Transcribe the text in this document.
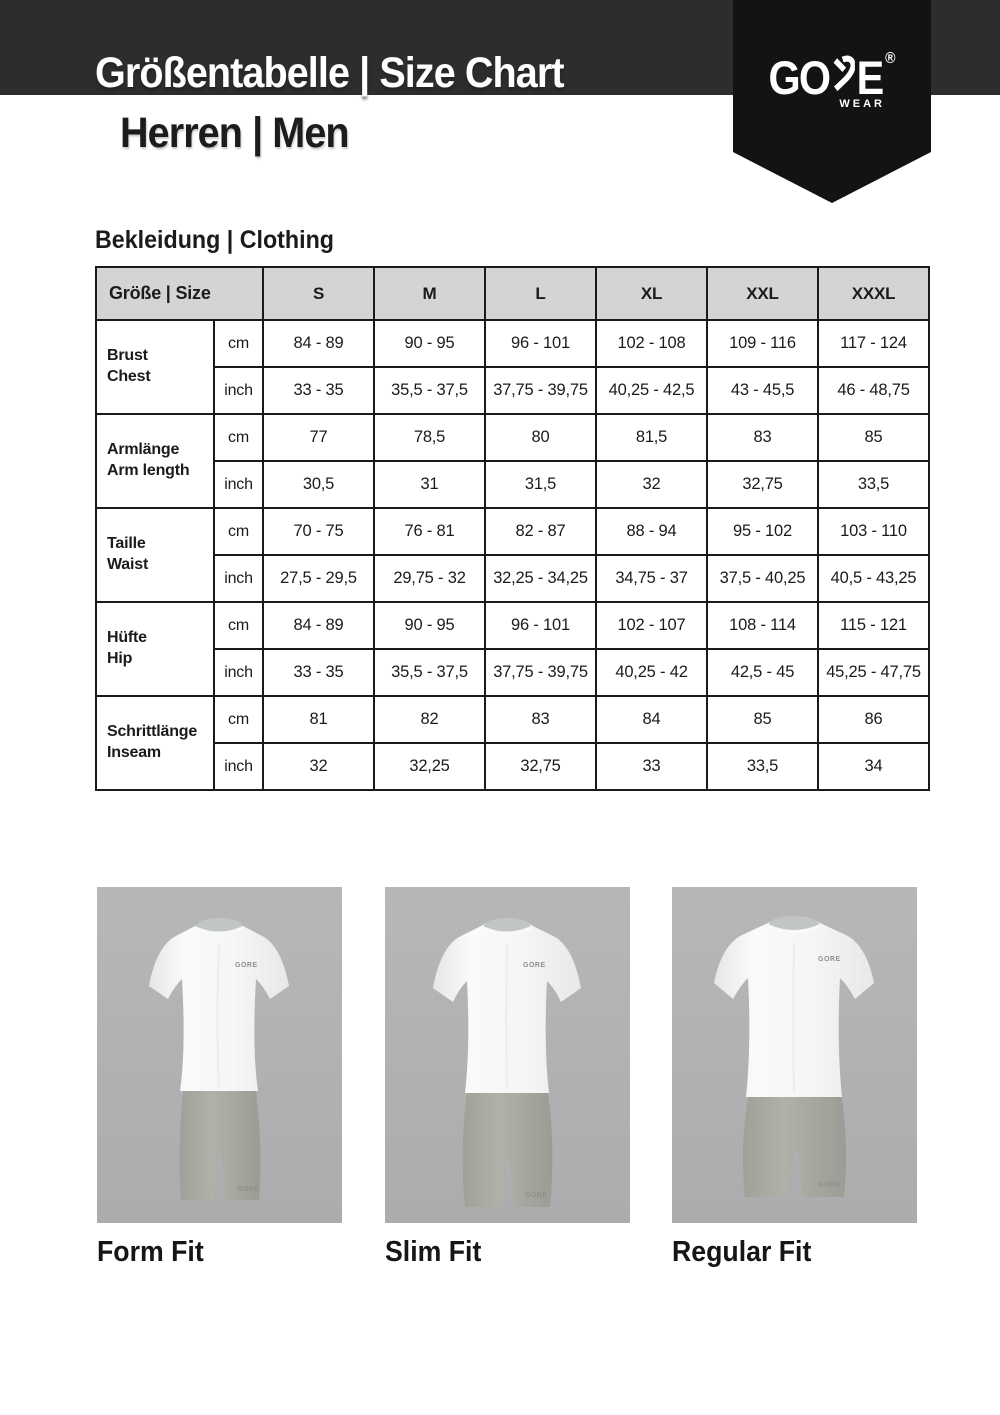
Größentabelle | Size Chart
Herren | Men
GO E ®
WEAR
Bekleidung | Clothing
Größe | Size		S	M	L	XL	XXL	XXXL

Brust
Chest	cm	84 - 89	90 - 95	96 - 101	102 - 108	109 - 116	117 - 124
	inch	33 - 35	35,5 - 37,5	37,75 - 39,75	40,25 - 42,5	43 - 45,5	46 - 48,75

Armlänge
Arm length	cm	77	78,5	80	81,5	83	85
	inch	30,5	31	31,5	32	32,75	33,5

Taille
Waist	cm	70 - 75	76 - 81	82 - 87	88 - 94	95 - 102	103 - 110
	inch	27,5 - 29,5	29,75 - 32	32,25 - 34,25	34,75 - 37	37,5 - 40,25	40,5 - 43,25

Hüfte
Hip	cm	84 - 89	90 - 95	96 - 101	102 - 107	108 - 114	115 - 121
	inch	33 - 35	35,5 - 37,5	37,75 - 39,75	40,25 - 42	42,5 - 45	45,25 - 47,75

Schrittlänge
Inseam	cm	81	82	83	84	85	86
	inch	32	32,25	32,75	33	33,5	34
GORE
GORE
GORE
GORE
GORE
GORE
Form Fit	Slim Fit	Regular Fit
